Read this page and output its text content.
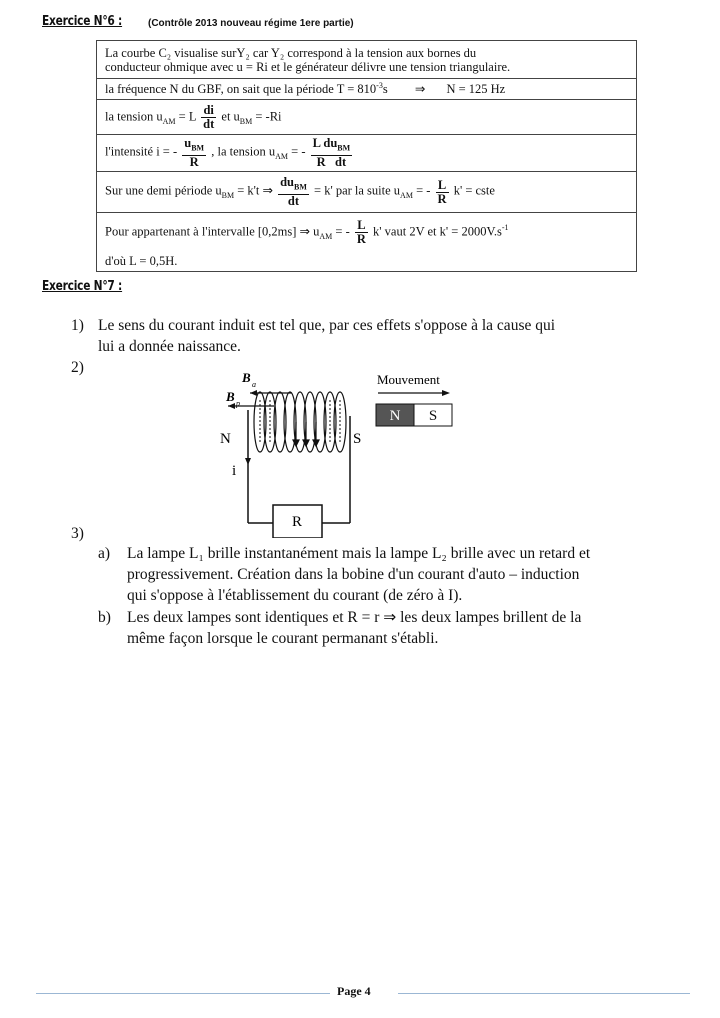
Exercice N°6 :	(Contrôle 2013 nouveau régime 1ere partie)
La courbe C₂ visualise surY₂ car Y₂ correspond à la tension aux bornes du
conducteur ohmique avec u = Ri et le générateur délivre une tension triangulaire.

la fréquence N du GBF, on sait que la période $T = 810^{-3}s$ ⇒ N = 125 Hz
la tension $u_{AM} = L \frac{di}{dt}$ et $u_{BM} = -Ri$
l'intensité i = - $\frac{u_{BM}}{R}$ , la tension $u_{AM}$ = - $\frac{L du_{BM}}{\text{R dt}}$

Sur une demi période $u_{BM} = k't$ ⇒ $\frac{du_{BM}}{dt} = k'$ par la suite $u_{AM}$ = - $\frac{L}{R} k'$ = cste
Pour appartenant à l'intervalle [0,2ms] ⇒ $u_{AM}$ = - $\frac{L}{R} k'$ vaut 2V et $k' = 2000V.s^{-1}$
d'où L = 0,5H.
Exercice N°7 :
1) Le sens du courant induit est tel que, par ces effets s'oppose à la cause qui
lui a donnée naissance.
2)
R
B a
B p
N	S
i
Mouvement
N S
3)
a) La lampe L₁ brille instantanément mais la lampe L₂ brille avec un retard et
progressivement. Création dans la bobine d'un courant d'auto – induction
qui s'oppose à l'établissement du courant (de zéro à I).
b) Les deux lampes sont identiques et R = r ⇒ les deux lampes brillent de la
même façon lorsque le courant permanant s'établi.
Page 4
